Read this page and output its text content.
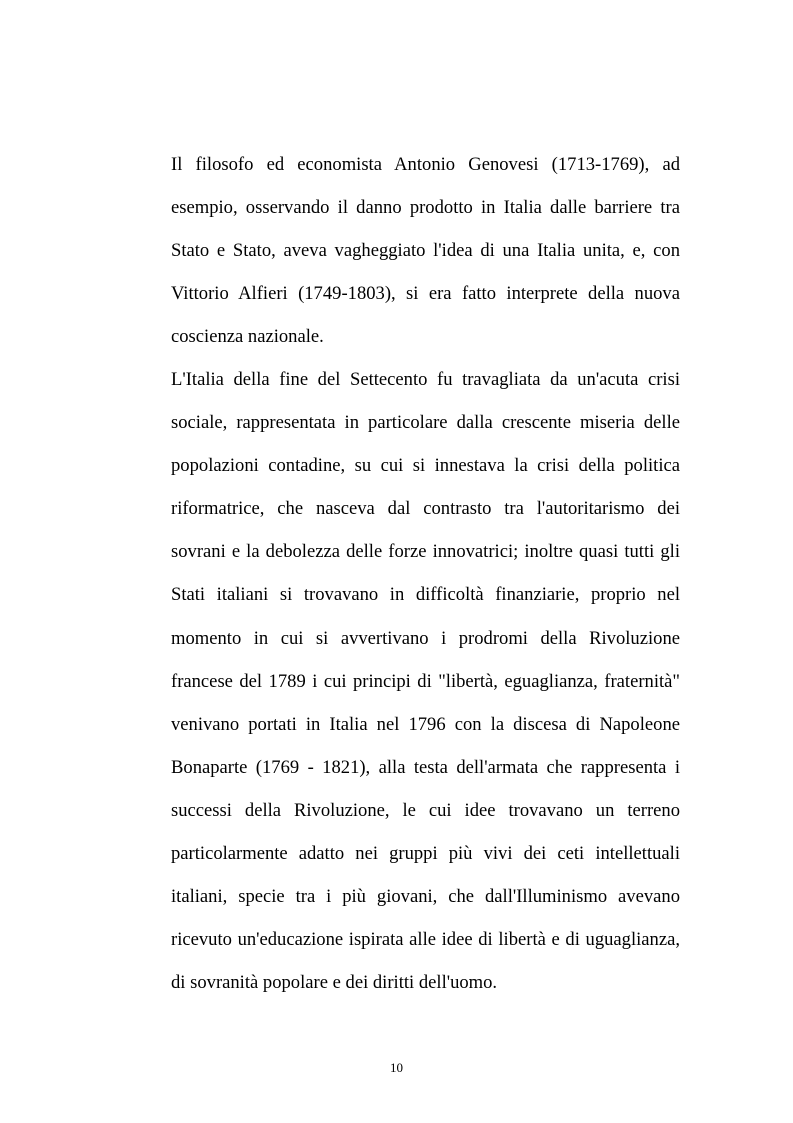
Il filosofo ed economista Antonio Genovesi (1713-1769), ad
esempio, osservando il danno prodotto in Italia dalle barriere tra
Stato e Stato, aveva vagheggiato l'idea di una Italia unita, e, con
Vittorio Alfieri (1749-1803), si era fatto interprete della nuova
coscienza nazionale.
L'Italia della fine del Settecento fu travagliata da un'acuta crisi
sociale, rappresentata in particolare dalla crescente miseria delle
popolazioni contadine, su cui si innestava la crisi della politica
riformatrice, che nasceva dal contrasto tra l'autoritarismo dei
sovrani e la debolezza delle forze innovatrici; inoltre quasi tutti gli
Stati italiani si trovavano in difficoltà finanziarie, proprio nel
momento in cui si avvertivano i prodromi della Rivoluzione
francese del 1789 i cui principi di "libertà, eguaglianza, fraternità"
venivano portati in Italia nel 1796 con la discesa di Napoleone
Bonaparte (1769 - 1821), alla testa dell'armata che rappresenta i
successi della Rivoluzione, le cui idee trovavano un terreno
particolarmente adatto nei gruppi più vivi dei ceti intellettuali
italiani, specie tra i più giovani, che dall'Illuminismo avevano
ricevuto un'educazione ispirata alle idee di libertà e di uguaglianza,
di sovranità popolare e dei diritti dell'uomo.
10
